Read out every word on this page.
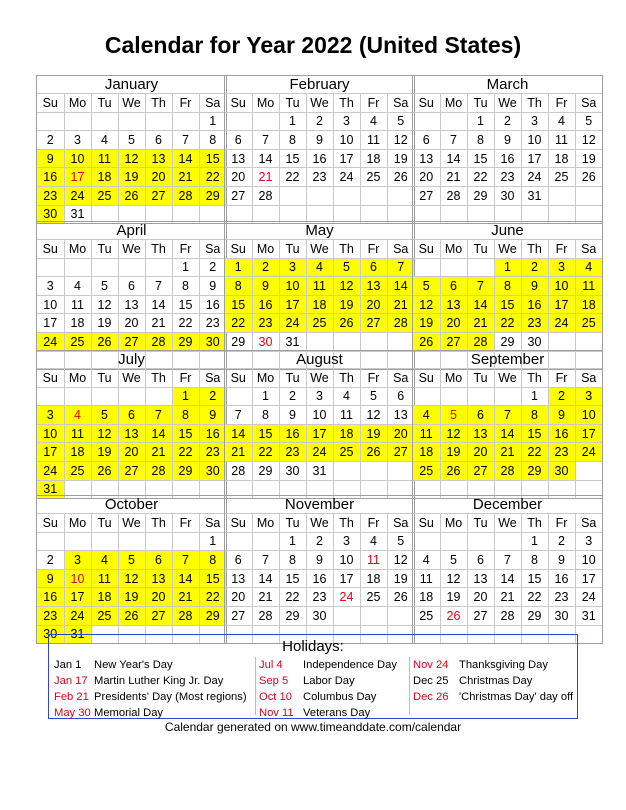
Calendar for Year 2022 (United States)
January
Su	Mo	Tu	We	Th	Fr	Sa
						1
2	3	4	5	6	7	8
9	10	11	12	13	14	15
16	17	18	19	20	21	22
23	24	25	26	27	28	29
30	31					
February
Su	Mo	Tu	We	Th	Fr	Sa
		1	2	3	4	5
6	7	8	9	10	11	12
13	14	15	16	17	18	19
20	21	22	23	24	25	26
27	28					

March
Su	Mo	Tu	We	Th	Fr	Sa
		1	2	3	4	5
6	7	8	9	10	11	12
13	14	15	16	17	18	19
20	21	22	23	24	25	26
27	28	29	30	31		

April
Su	Mo	Tu	We	Th	Fr	Sa
					1	2
3	4	5	6	7	8	9
10	11	12	13	14	15	16
17	18	19	20	21	22	23
24	25	26	27	28	29	30

May
Su	Mo	Tu	We	Th	Fr	Sa
1	2	3	4	5	6	7
8	9	10	11	12	13	14
15	16	17	18	19	20	21
22	23	24	25	26	27	28
29	30	31				

June
Su	Mo	Tu	We	Th	Fr	Sa
			1	2	3	4
5	6	7	8	9	10	11
12	13	14	15	16	17	18
19	20	21	22	23	24	25
26	27	28	29	30		

July
Su	Mo	Tu	We	Th	Fr	Sa
					1	2
3	4	5	6	7	8	9
10	11	12	13	14	15	16
17	18	19	20	21	22	23
24	25	26	27	28	29	30
31						
August
Su	Mo	Tu	We	Th	Fr	Sa
	1	2	3	4	5	6
7	8	9	10	11	12	13
14	15	16	17	18	19	20
21	22	23	24	25	26	27
28	29	30	31			

September
Su	Mo	Tu	We	Th	Fr	Sa
				1	2	3
4	5	6	7	8	9	10
11	12	13	14	15	16	17
18	19	20	21	22	23	24
25	26	27	28	29	30	

October
Su	Mo	Tu	We	Th	Fr	Sa
						1
2	3	4	5	6	7	8
9	10	11	12	13	14	15
16	17	18	19	20	21	22
23	24	25	26	27	28	29
30	31					
November
Su	Mo	Tu	We	Th	Fr	Sa
		1	2	3	4	5
6	7	8	9	10	11	12
13	14	15	16	17	18	19
20	21	22	23	24	25	26
27	28	29	30			

December
Su	Mo	Tu	We	Th	Fr	Sa
				1	2	3
4	5	6	7	8	9	10
11	12	13	14	15	16	17
18	19	20	21	22	23	24
25	26	27	28	29	30	31

Holidays:
Jan 1 New Year's Day
Jan 17 Martin Luther King Jr. Day
Feb 21 Presidents' Day (Most regions)
May 30 Memorial Day
Jul 4 Independence Day
Sep 5 Labor Day
Oct 10 Columbus Day
Nov 11 Veterans Day
Nov 24 Thanksgiving Day
Dec 25 Christmas Day
Dec 26 'Christmas Day' day off
Calendar generated on www.timeanddate.com/calendar
